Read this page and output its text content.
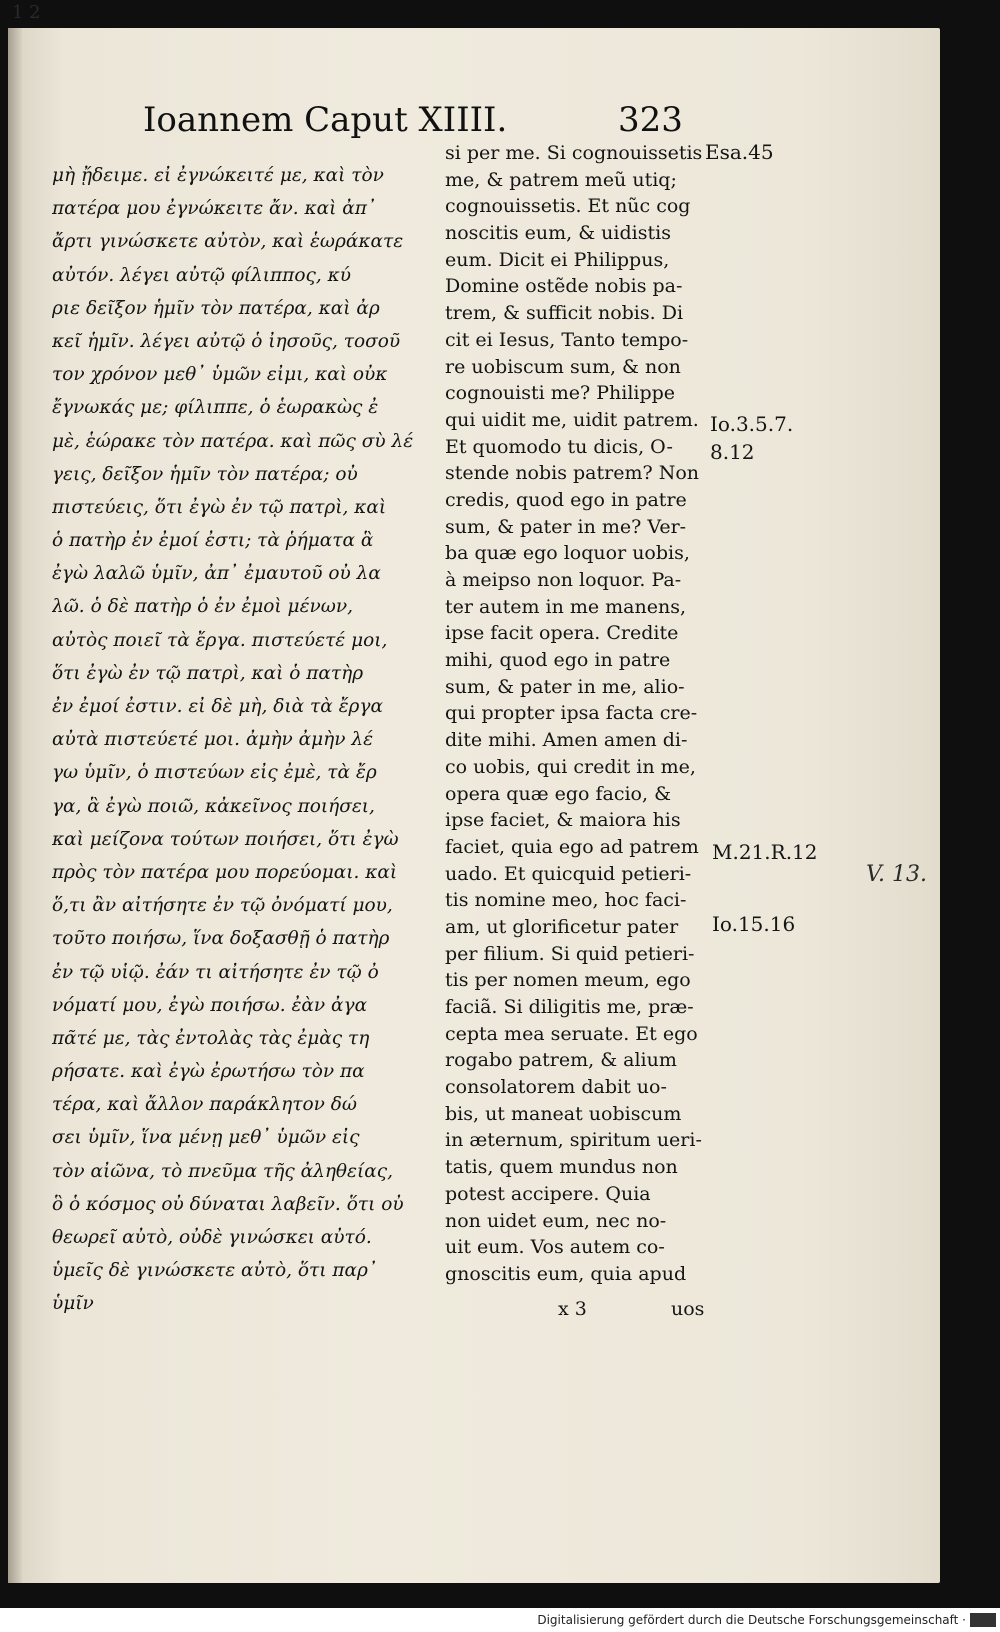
1 2
Ioannem Caput XIIII.	323
μὴ ᾔδειμε. εἰ ἐγνώκειτέ με, καὶ τὸν
πατέρα μου ἐγνώκειτε ἄν. καὶ ἀπ᾽
ἄρτι γινώσκετε αὐτὸν, καὶ ἑωράκατε
αὐτόν. λέγει αὐτῷ φίλιππος, κύ
ριε δεῖξον ἡμῖν τὸν πατέρα, καὶ ἀρ
κεῖ ἡμῖν. λέγει αὐτῷ ὁ ἰησοῦς, τοσοῦ
τον χρόνον μεθ᾽ ὑμῶν εἰμι, καὶ οὐκ
ἔγνωκάς με; φίλιππε, ὁ ἑωρακὼς ἐ
μὲ, ἑώρακε τὸν πατέρα. καὶ πῶς σὺ λέ
γεις, δεῖξον ἡμῖν τὸν πατέρα; οὐ
πιστεύεις, ὅτι ἐγὼ ἐν τῷ πατρὶ, καὶ
ὁ πατὴρ ἐν ἐμοί ἐστι; τὰ ῥήματα ἃ
ἐγὼ λαλῶ ὑμῖν, ἀπ᾽ ἐμαυτοῦ οὐ λα
λῶ. ὁ δὲ πατὴρ ὁ ἐν ἐμοὶ μένων,
αὐτὸς ποιεῖ τὰ ἔργα. πιστεύετέ μοι,
ὅτι ἐγὼ ἐν τῷ πατρὶ, καὶ ὁ πατὴρ
ἐν ἐμοί ἐστιν. εἰ δὲ μὴ, διὰ τὰ ἔργα
αὐτὰ πιστεύετέ μοι. ἀμὴν ἀμὴν λέ
γω ὑμῖν, ὁ πιστεύων εἰς ἐμὲ, τὰ ἔρ
γα, ἃ ἐγὼ ποιῶ, κἀκεῖνος ποιήσει,
καὶ μείζονα τούτων ποιήσει, ὅτι ἐγὼ
πρὸς τὸν πατέρα μου πορεύομαι. καὶ
ὅ,τι ἂν αἰτήσητε ἐν τῷ ὀνόματί μου,
τοῦτο ποιήσω, ἵνα δοξασθῇ ὁ πατὴρ
ἐν τῷ υἱῷ. ἐάν τι αἰτήσητε ἐν τῷ ὀ
νόματί μου, ἐγὼ ποιήσω. ἐὰν ἀγα
πᾶτέ με, τὰς ἐντολὰς τὰς ἐμὰς τη
ρήσατε. καὶ ἐγὼ ἐρωτήσω τὸν πα
τέρα, καὶ ἄλλον παράκλητον δώ
σει ὑμῖν, ἵνα μένῃ μεθ᾽ ὑμῶν εἰς
τὸν αἰῶνα, τὸ πνεῦμα τῆς ἀληθείας,
ὃ ὁ κόσμος οὐ δύναται λαβεῖν. ὅτι οὐ
θεωρεῖ αὐτὸ, οὐδὲ γινώσκει αὐτό.
ὑμεῖς δὲ γινώσκετε αὐτὸ, ὅτι παρ᾽
ὑμῖν
si per me. Si cognouissetis
me, & patrem meũ utiq;
cognouissetis. Et nũc cog
noscitis eum, & uidistis
eum. Dicit ei Philippus,
Domine ostẽde nobis pa-
trem, & sufficit nobis. Di
cit ei Iesus, Tanto tempo-
re uobiscum sum, & non
cognouisti me? Philippe
qui uidit me, uidit patrem.
Et quomodo tu dicis, O-
stende nobis patrem? Non
credis, quod ego in patre
sum, & pater in me? Ver-
ba quæ ego loquor uobis,
à meipso non loquor. Pa-
ter autem in me manens,
ipse facit opera. Credite
mihi, quod ego in patre
sum, & pater in me, alio-
qui propter ipsa facta cre-
dite mihi. Amen amen di-
co uobis, qui credit in me,
opera quæ ego facio, &
ipse faciet, & maiora his
faciet, quia ego ad patrem
uado. Et quicquid petieri-
tis nomine meo, hoc faci-
am, ut glorificetur pater
per filium. Si quid petieri-
tis per nomen meum, ego
faciã. Si diligitis me, præ-
cepta mea seruate. Et ego
rogabo patrem, & alium
consolatorem dabit uo-
bis, ut maneat uobiscum
in æternum, spiritum ueri-
tatis, quem mundus non
potest accipere. Quia
non uidet eum, nec no-
uit eum. Vos autem co-
gnoscitis eum, quia apud
Esa.45
Io.3.5.7.
8.12
M.21.R.12
Io.15.16
V. 13.
x 3	uos
Digitalisierung gefördert durch die Deutsche Forschungsgemeinschaft ·
